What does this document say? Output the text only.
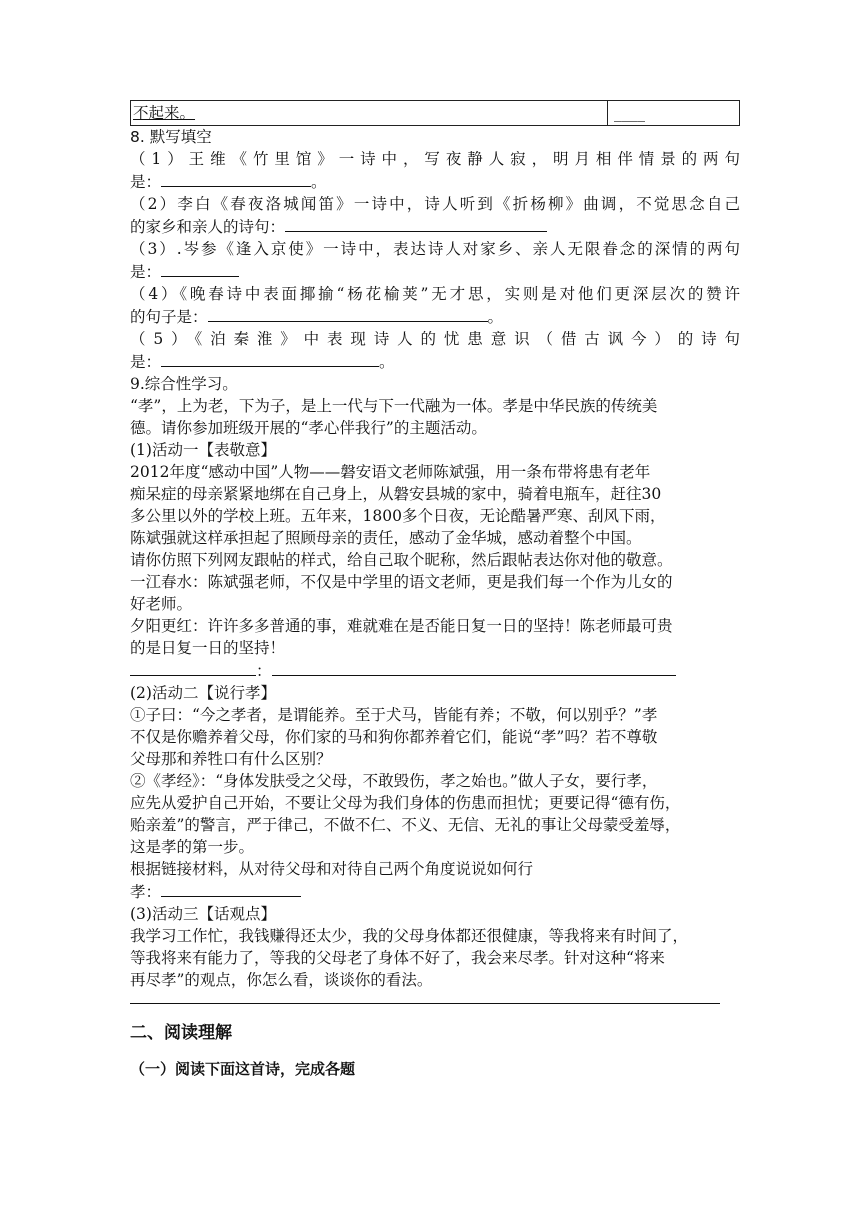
不起来。	____

8. 默写填空

（1）王维《竹里馆》一诗中，写夜静人寂，明月相伴情景的两句

是：	。

（2）李白《春夜洛城闻笛》一诗中，诗人听到《折杨柳》曲调，不觉思念自己

的家乡和亲人的诗句：

（3）.岑参《逢入京使》一诗中，表达诗人对家乡、亲人无限眷念的深情的两句

是：

（4）《晚春诗中表面揶揄“杨花榆荚”无才思，实则是对他们更深层次的赞许

的句子是：	。

（5）《泊秦淮》中表现诗人的忧患意识（借古讽今）的诗句

是：	。

9.综合性学习。

“孝”，上为老，下为子，是上一代与下一代融为一体。孝是中华民族的传统美

德。请你参加班级开展的“孝心伴我行”的主题活动。

(1)活动一【表敬意】

2012年度“感动中国”人物——磐安语文老师陈斌强，用一条布带将患有老年

痴呆症的母亲紧紧地绑在自己身上，从磐安县城的家中，骑着电瓶车，赶往30

多公里以外的学校上班。五年来，1800多个日夜，无论酷暑严寒、刮风下雨，

陈斌强就这样承担起了照顾母亲的责任，感动了金华城，感动着整个中国。

请你仿照下列网友跟帖的样式，给自己取个昵称，然后跟帖表达你对他的敬意。

一江春水：陈斌强老师，不仅是中学里的语文老师，更是我们每一个作为儿女的

好老师。

夕阳更红：许许多多普通的事，难就难在是否能日复一日的坚持！陈老师最可贵

的是日复一日的坚持！

：

(2)活动二【说行孝】

①子曰：“今之孝者，是谓能养。至于犬马，皆能有养；不敬，何以别乎？”孝

不仅是你赡养着父母，你们家的马和狗你都养着它们，能说“孝”吗？若不尊敬

父母那和养牲口有什么区别？

②《孝经》：“身体发肤受之父母，不敢毁伤，孝之始也。”做人子女，要行孝，

应先从爱护自己开始，不要让父母为我们身体的伤患而担忧；更要记得“德有伤，

贻亲羞”的警言，严于律己，不做不仁、不义、无信、无礼的事让父母蒙受羞辱，

这是孝的第一步。

根据链接材料，从对待父母和对待自己两个角度说说如何行

孝：

(3)活动三【话观点】

我学习工作忙，我钱赚得还太少，我的父母身体都还很健康，等我将来有时间了，

等我将来有能力了，等我的父母老了身体不好了，我会来尽孝。针对这种“将来

再尽孝”的观点，你怎么看，谈谈你的看法。

二、阅读理解

（一）阅读下面这首诗，完成各题
